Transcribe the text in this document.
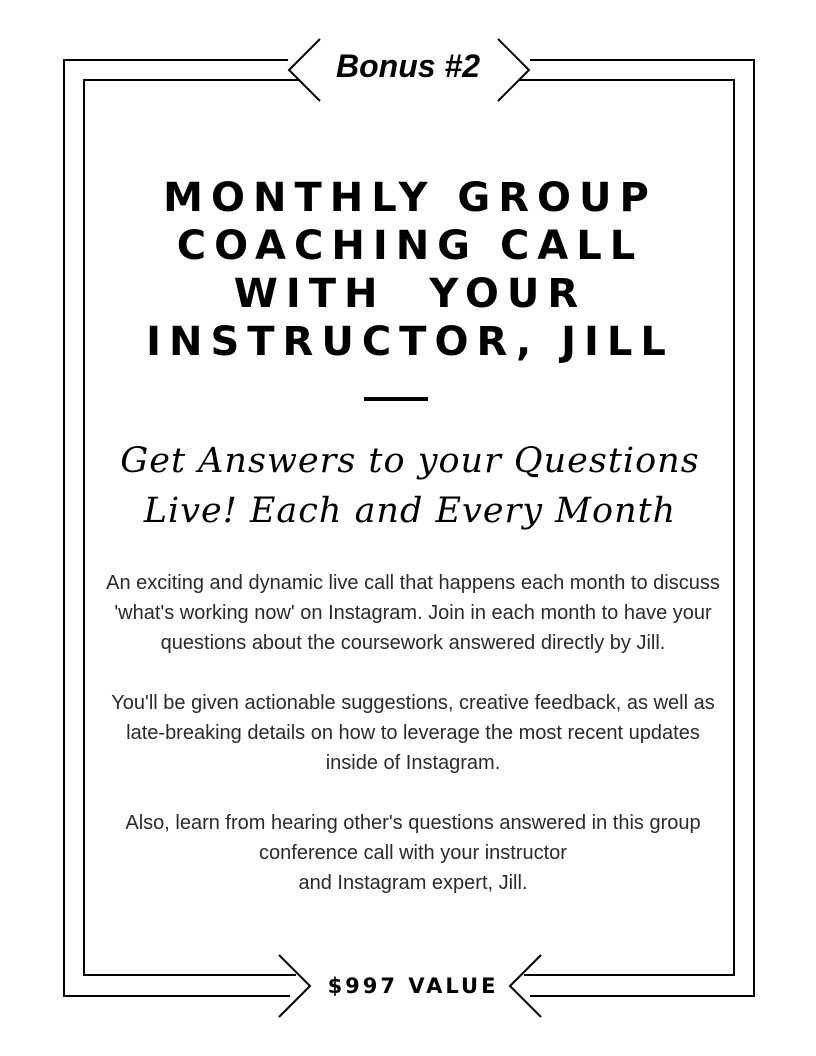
Bonus #2
MONTHLY GROUP
COACHING CALL
WITH  YOUR
INSTRUCTOR, JILL
Get Answers to your Questions
Live! Each and Every Month

An exciting and dynamic live call that happens each month to discuss 'what's working now' on Instagram. Join in each month to have your questions about the coursework answered directly by Jill.

You'll be given actionable suggestions, creative feedback, as well as late-breaking details on how to leverage the most recent updates inside of Instagram.

Also, learn from hearing other's questions answered in this group conference call with your instructor
and Instagram expert, Jill.

$997 VALUE
